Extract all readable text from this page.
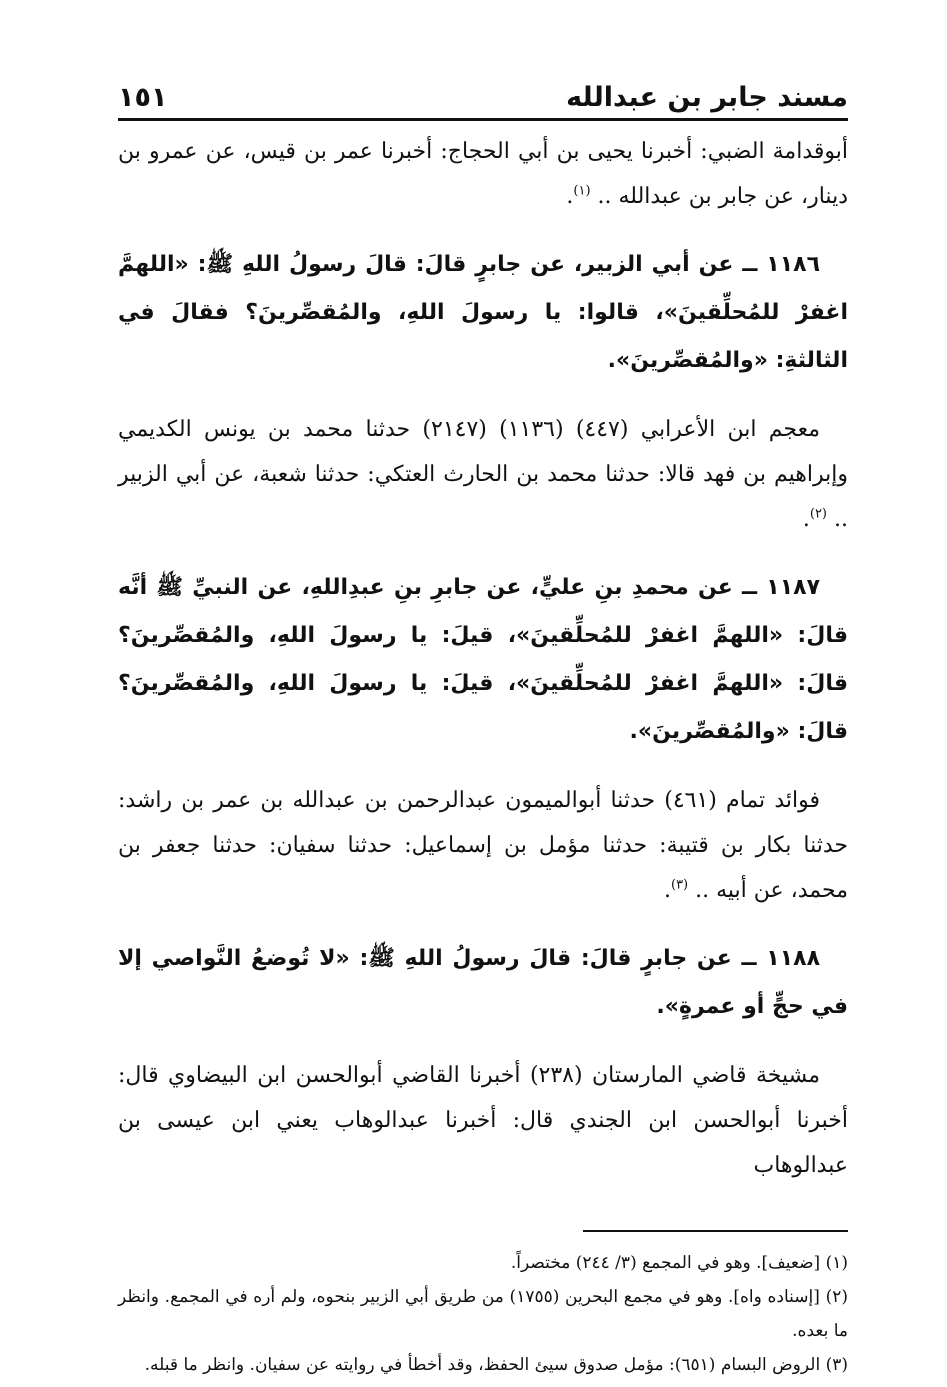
مسند جابر بن عبدالله
١٥١

أبوقدامة الضبي: أخبرنا يحيى بن أبي الحجاج: أخبرنا عمر بن قيس، عن عمرو بن دينار، عن جابر بن عبدالله .. $^{(١)}$.

١١٨٦ ــ عن أبي الزبير، عن جابرٍ قالَ: قالَ رسولُ اللهِ ﷺ: «اللهمَّ اغفرْ للمُحلِّقينَ»، قالوا: يا رسولَ اللهِ، والمُقصِّرينَ؟ فقالَ في الثالثةِ: «والمُقصِّرينَ».

معجم ابن الأعرابي (٤٤٧) (١١٣٦) (٢١٤٧) حدثنا محمد بن يونس الكديمي وإبراهيم بن فهد قالا: حدثنا محمد بن الحارث العتكي: حدثنا شعبة، عن أبي الزبير .. $^{(٢)}$.

١١٨٧ ــ عن محمدِ بنِ عليٍّ، عن جابرِ بنِ عبدِاللهِ، عن النبيِّ ﷺ أنَّه قالَ: «اللهمَّ اغفرْ للمُحلِّقينَ»، قيلَ: يا رسولَ اللهِ، والمُقصِّرينَ؟ قالَ: «اللهمَّ اغفرْ للمُحلِّقينَ»، قيلَ: يا رسولَ اللهِ، والمُقصِّرينَ؟ قالَ: «والمُقصِّرينَ».

فوائد تمام (٤٦١) حدثنا أبوالميمون عبدالرحمن بن عبدالله بن عمر بن راشد: حدثنا بكار بن قتيبة: حدثنا مؤمل بن إسماعيل: حدثنا سفيان: حدثنا جعفر بن محمد، عن أبيه .. $^{(٣)}$.

١١٨٨ ــ عن جابرٍ قالَ: قالَ رسولُ اللهِ ﷺ: «لا تُوضعُ النَّواصي إلا في حجٍّ أو عمرةٍ».

مشيخة قاضي المارستان (٢٣٨) أخبرنا القاضي أبوالحسن ابن البيضاوي قال: أخبرنا أبوالحسن ابن الجندي قال: أخبرنا عبدالوهاب يعني ابن عيسى بن عبدالوهاب

(١) [ضعيف]. وهو في المجمع (٣/ ٢٤٤) مختصراً.

(٢) [إسناده واه]. وهو في مجمع البحرين (١٧٥٥) من طريق أبي الزبير بنحوه، ولم أره في المجمع. وانظر ما بعده.

(٣) الروض البسام (٦٥١): مؤمل صدوق سيئ الحفظ، وقد أخطأ في روايته عن سفيان. وانظر ما قبله.
